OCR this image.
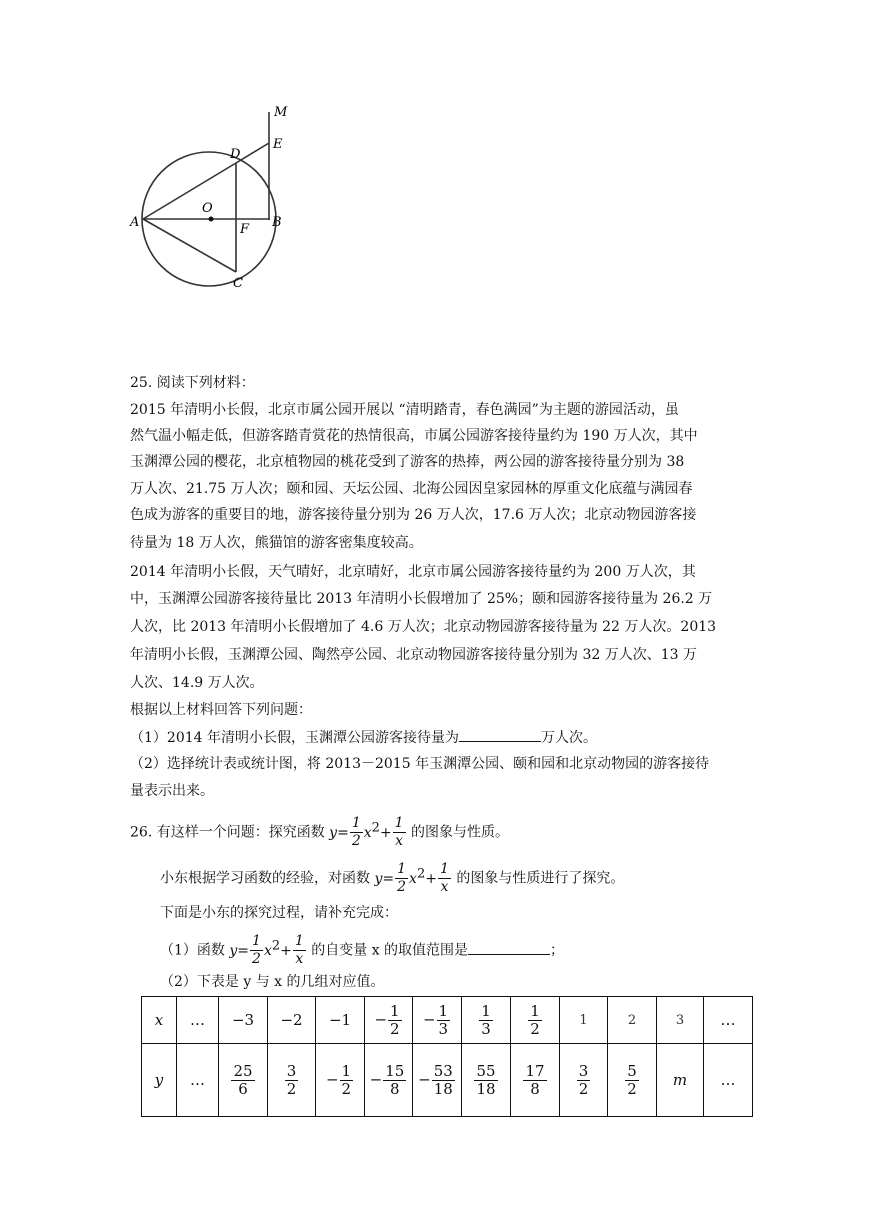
M
E
D
O
A	F B
C
25. 阅读下列材料：
2015 年清明小长假，北京市属公园开展以 “清明踏青，春色满园”为主题的游园活动，虽
然气温小幅走低，但游客踏青赏花的热情很高，市属公园游客接待量约为 190 万人次，其中
玉渊潭公园的樱花，北京植物园的桃花受到了游客的热捧，两公园的游客接待量分别为 38
万人次、21.75 万人次；颐和园、天坛公园、北海公园因皇家园林的厚重文化底蕴与满园春
色成为游客的重要目的地，游客接待量分别为 26 万人次，17.6 万人次；北京动物园游客接
待量为 18 万人次，熊猫馆的游客密集度较高。
2014 年清明小长假，天气晴好，北京晴好，北京市属公园游客接待量约为 200 万人次，其
中，玉渊潭公园游客接待量比 2013 年清明小长假增加了 25%；颐和园游客接待量为 26.2 万
人次，比 2013 年清明小长假增加了 4.6 万人次；北京动物园游客接待量为 22 万人次。2013
年清明小长假，玉渊潭公园、陶然亭公园、北京动物园游客接待量分别为 32 万人次、13 万
人次、14.9 万人次。
根据以上材料回答下列问题：
（1）2014 年清明小长假，玉渊潭公园游客接待量为	万人次。
（2）选择统计表或统计图，将 2013－2015 年玉渊潭公园、颐和园和北京动物园的游客接待
量表示出来。
26. 有这样一个问题：探究函数 $y= \frac{1}{2} x^2+ \frac{1}{x}$ 的图象与性质。
小东根据学习函数的经验，对函数 $y= \frac{1}{2} x^2+ \frac{1}{x}$ 的图象与性质进行了探究。
下面是小东的探究过程，请补充完成：
（1）函数 $y= \frac{1}{2} x^2+ \frac{1}{x}$ 的自变量 x 的取值范围是	；
（2）下表是 y 与 x 的几组对应值。
x	…	−3	−2	−1	− $\frac{1}{2}$	− $\frac{1}{3}$	$\frac{1}{3}$	$\frac{1}{2}$	1	2	3	…
y	…	$\frac{25}{6}$	$\frac{3}{2}$	− $\frac{1}{2}$	− $\frac{15}{8}$	− $\frac{53}{18}$	$\frac{55}{18}$	$\frac{17}{8}$	$\frac{3}{2}$	$\frac{5}{2}$	m	…
